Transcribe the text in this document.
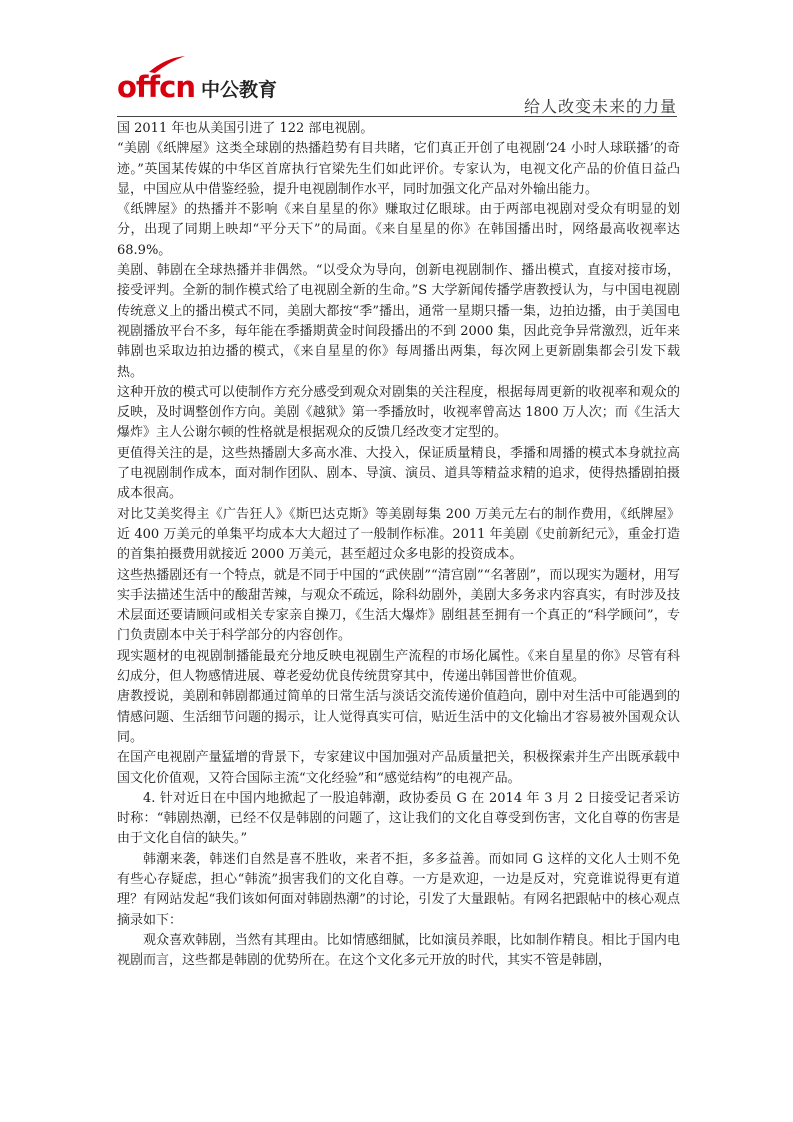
offcn 中公教育
给人改变未来的力量

国 2011 年也从美国引进了 122 部电视剧。

“美剧《纸牌屋》这类全球剧的热播趋势有目共睹，它们真正开创了电视剧‘24 小时人球联播’的奇迹。”英国某传媒的中华区首席执行官梁先生们如此评价。专家认为，电视文化产品的价值日益凸显，中国应从中借鉴经验，提升电视剧制作水平，同时加强文化产品对外输出能力。

《纸牌屋》的热播并不影响《来自星星的你》赚取过亿眼球。由于两部电视剧对受众有明显的划分，出现了同期上映却“平分天下”的局面。《来自星星的你》在韩国播出时，网络最高收视率达 68.9%。

美剧、韩剧在全球热播并非偶然。“以受众为导向，创新电视剧制作、播出模式，直接对接市场，接受评判。全新的制作模式给了电视剧全新的生命。”S 大学新闻传播学唐教授认为，与中国电视剧传统意义上的播出模式不同，美剧大都按“季”播出，通常一星期只播一集，边拍边播，由于美国电视剧播放平台不多，每年能在季播期黄金时间段播出的不到 2000 集，因此竞争异常激烈，近年来韩剧也采取边拍边播的模式，《来自星星的你》每周播出两集，每次网上更新剧集都会引发下载热。

这种开放的模式可以使制作方充分感受到观众对剧集的关注程度，根据每周更新的收视率和观众的反映，及时调整创作方向。美剧《越狱》第一季播放时，收视率曾高达 1800 万人次；而《生活大爆炸》主人公谢尔顿的性格就是根据观众的反馈几经改变才定型的。

更值得关注的是，这些热播剧大多高水准、大投入，保证质量精良，季播和周播的模式本身就拉高了电视剧制作成本，面对制作团队、剧本、导演、演员、道具等精益求精的追求，使得热播剧拍摄成本很高。

对比艾美奖得主《广告狂人》《斯巴达克斯》等美剧每集 200 万美元左右的制作费用，《纸牌屋》近 400 万美元的单集平均成本大大超过了一般制作标准。2011 年美剧《史前新纪元》，重金打造的首集拍摄费用就接近 2000 万美元，甚至超过众多电影的投资成本。

这些热播剧还有一个特点，就是不同于中国的“武侠剧”“清宫剧”“名著剧”，而以现实为题材，用写实手法描述生活中的酸甜苦辣，与观众不疏远，除科幼剧外，美剧大多务求内容真实，有时涉及技术层面还要请顾问或相关专家亲自操刀，《生活大爆炸》剧组甚至拥有一个真正的“科学顾问”，专门负责剧本中关于科学部分的内容创作。

现实题材的电视剧制播能最充分地反映电视剧生产流程的市场化属性。《来自星星的你》尽管有科幻成分，但人物感情进展、尊老爱幼优良传统贯穿其中，传递出韩国普世价值观。

唐教授说，美剧和韩剧都通过简单的日常生活与淡话交流传递价值趋向，剧中对生活中可能遇到的情感问题、生活细节问题的揭示，让人觉得真实可信，贴近生活中的文化输出才容易被外国观众认同。

在国产电视剧产量猛增的背景下，专家建议中国加强对产品质量把关，积极探索并生产出既承载中国文化价值观，又符合国际主流“文化经验”和“感觉结构”的电视产品。

4. 针对近日在中国内地掀起了一股追韩潮，政协委员 G 在 2014 年 3 月 2 日接受记者采访时称：“韩剧热潮，已经不仅是韩剧的问题了，这让我们的文化自尊受到伤害，文化自尊的伤害是由于文化自信的缺失。”

韩潮来袭，韩迷们自然是喜不胜收，来者不拒，多多益善。而如同 G 这样的文化人士则不免有些心存疑虑，担心“韩流”损害我们的文化自尊。一方是欢迎，一边是反对，究竟谁说得更有道理？有网站发起“我们该如何面对韩剧热潮”的讨论，引发了大量跟帖。有网名把跟帖中的核心观点摘录如下：

观众喜欢韩剧，当然有其理由。比如情感细腻，比如演员养眼，比如制作精良。相比于国内电视剧而言，这些都是韩剧的优势所在。在这个文化多元开放的时代，其实不管是韩剧，
